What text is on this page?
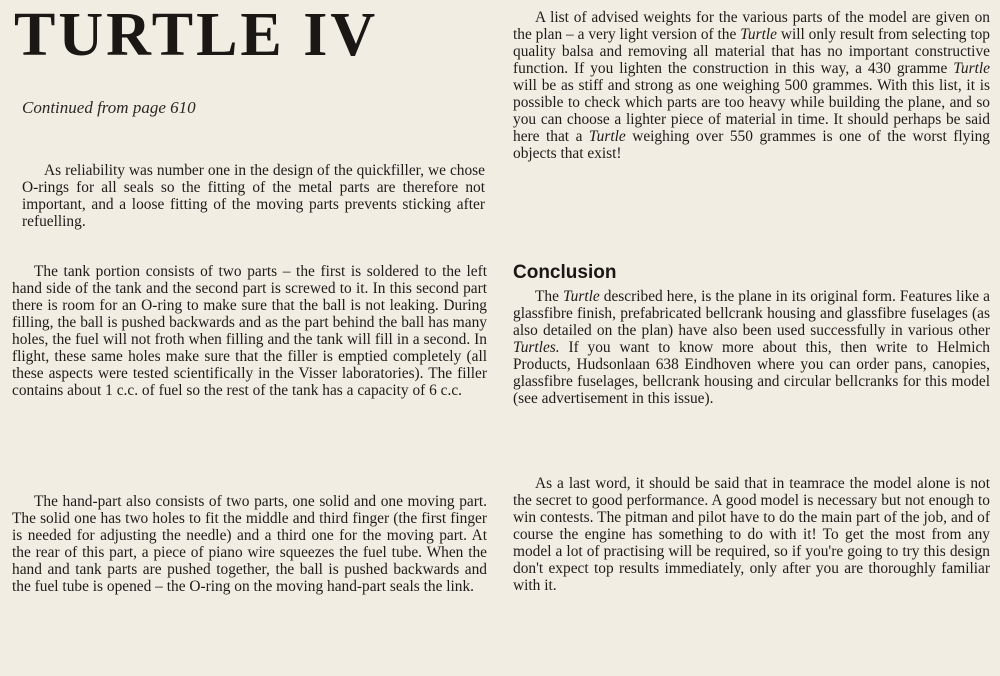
TURTLE IV
Continued from page 610

As reliability was number one in the design of the quickfiller, we chose O-rings for all seals so the fitting of the metal parts are therefore not important, and a loose fitting of the moving parts prevents sticking after refuelling.

The tank portion consists of two parts – the first is soldered to the left hand side of the tank and the second part is screwed to it. In this second part there is room for an O-ring to make sure that the ball is not leaking. During filling, the ball is pushed backwards and as the part behind the ball has many holes, the fuel will not froth when filling and the tank will fill in a second. In flight, these same holes make sure that the filler is emptied completely (all these aspects were tested scientifically in the Visser laboratories). The filler contains about 1 c.c. of fuel so the rest of the tank has a capacity of 6 c.c.

The hand-part also consists of two parts, one solid and one moving part. The solid one has two holes to fit the middle and third finger (the first finger is needed for adjusting the needle) and a third one for the moving part. At the rear of this part, a piece of piano wire squeezes the fuel tube. When the hand and tank parts are pushed together, the ball is pushed backwards and the fuel tube is opened – the O-ring on the moving hand-part seals the link.

A list of advised weights for the various parts of the model are given on the plan – a very light version of the Turtle will only result from selecting top quality balsa and removing all material that has no important constructive function. If you lighten the construction in this way, a 430 gramme Turtle will be as stiff and strong as one weighing 500 grammes. With this list, it is possible to check which parts are too heavy while building the plane, and so you can choose a lighter piece of material in time. It should perhaps be said here that a Turtle weighing over 550 grammes is one of the worst flying objects that exist!

Conclusion

The Turtle described here, is the plane in its original form. Features like a glassfibre finish, prefabricated bellcrank housing and glassfibre fuselages (as also detailed on the plan) have also been used successfully in various other Turtles. If you want to know more about this, then write to Helmich Products, Hudsonlaan 638 Eindhoven where you can order pans, canopies, glassfibre fuselages, bellcrank housing and circular bellcranks for this model (see advertisement in this issue).

As a last word, it should be said that in teamrace the model alone is not the secret to good performance. A good model is necessary but not enough to win contests. The pitman and pilot have to do the main part of the job, and of course the engine has something to do with it! To get the most from any model a lot of practising will be required, so if you're going to try this design don't expect top results immediately, only after you are thoroughly familiar with it.
